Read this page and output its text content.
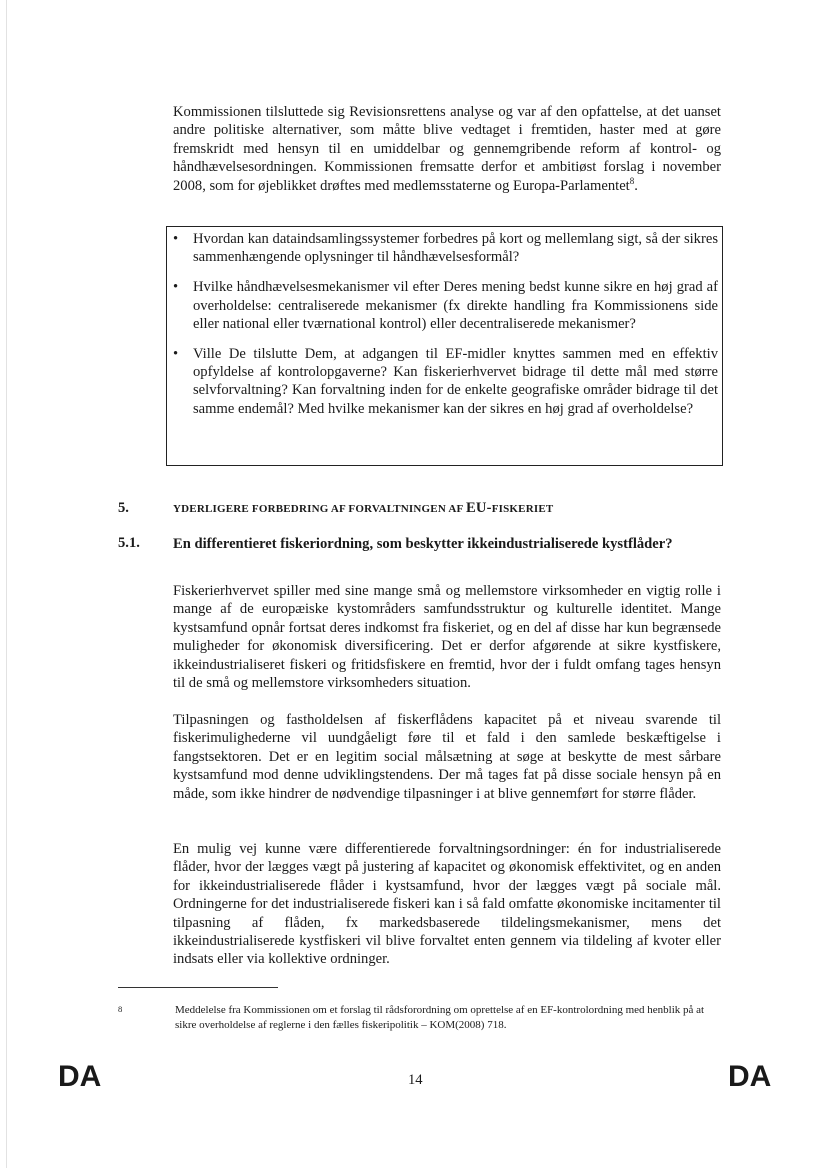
Kommissionen tilsluttede sig Revisionsrettens analyse og var af den opfattelse, at det uanset andre politiske alternativer, som måtte blive vedtaget i fremtiden, haster med at gøre fremskridt med hensyn til en umiddelbar og gennemgribende reform af kontrol- og håndhævelsesordningen. Kommissionen fremsatte derfor et ambitiøst forslag i november 2008, som for øjeblikket drøftes med medlemsstaterne og Europa-Parlamentet$^8$.

• Hvordan kan dataindsamlingssystemer forbedres på kort og mellemlang sigt, så der sikres sammenhængende oplysninger til håndhævelsesformål?
• Hvilke håndhævelsesmekanismer vil efter Deres mening bedst kunne sikre en høj grad af overholdelse: centraliserede mekanismer (fx direkte handling fra Kommissionens side eller national eller tværnational kontrol) eller decentraliserede mekanismer?
• Ville De tilslutte Dem, at adgangen til EF-midler knyttes sammen med en effektiv opfyldelse af kontrolopgaverne? Kan fiskerierhvervet bidrage til dette mål med større selvforvaltning? Kan forvaltning inden for de enkelte geografiske områder bidrage til det samme endemål? Med hvilke mekanismer kan der sikres en høj grad af overholdelse?
5.	YDERLIGERE FORBEDRING AF FORVALTNINGEN AF EU-FISKERIET
5.1. En differentieret fiskeriordning, som beskytter ikkeindustrialiserede kystflåder?

Fiskerierhvervet spiller med sine mange små og mellemstore virksomheder en vigtig rolle i mange af de europæiske kystområders samfundsstruktur og kulturelle identitet. Mange kystsamfund opnår fortsat deres indkomst fra fiskeriet, og en del af disse har kun begrænsede muligheder for økonomisk diversificering. Det er derfor afgørende at sikre kystfiskere, ikkeindustrialiseret fiskeri og fritidsfiskere en fremtid, hvor der i fuldt omfang tages hensyn til de små og mellemstore virksomheders situation.

Tilpasningen og fastholdelsen af fiskerflådens kapacitet på et niveau svarende til fiskerimulighederne vil uundgåeligt føre til et fald i den samlede beskæftigelse i fangstsektoren. Det er en legitim social målsætning at søge at beskytte de mest sårbare kystsamfund mod denne udviklingstendens. Der må tages fat på disse sociale hensyn på en måde, som ikke hindrer de nødvendige tilpasninger i at blive gennemført for større flåder.

En mulig vej kunne være differentierede forvaltningsordninger: én for industrialiserede flåder, hvor der lægges vægt på justering af kapacitet og økonomisk effektivitet, og en anden for ikkeindustrialiserede flåder i kystsamfund, hvor der lægges vægt på sociale mål. Ordningerne for det industrialiserede fiskeri kan i så fald omfatte økonomiske incitamenter til tilpasning af flåden, fx markedsbaserede tildelingsmekanismer, mens det ikkeindustrialiserede kystfiskeri vil blive forvaltet enten gennem via tildeling af kvoter eller indsats eller via kollektive ordninger.

8	Meddelelse fra Kommissionen om et forslag til rådsforordning om oprettelse af en EF-kontrolordning med henblik på at sikre overholdelse af reglerne i den fælles fiskeripolitik – KOM(2008) 718.

DA	14	DA
